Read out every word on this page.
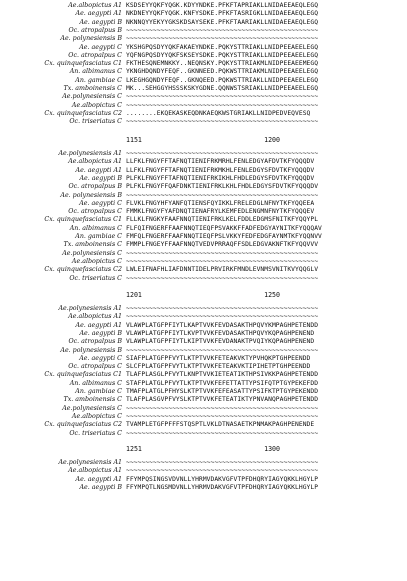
Ae.albopictus A1 KSDSEYYQKFYQGK.KDYYNDKE.PFKFTAPRIAKLLNIDAEEAEQLEGQ
Ae. aegypti A1 NKDNEYYQKFYQGK.KNFYSDKE.PFKFTASRIGKLLNIDAEEAEQLEGQ
Ae. aegypti B NKNNQYYEKYYGKSKDSAYSEKE.PFKFTAARIAKLLNIDAEEAEQLEGQ
Oc. atropalpus B ~~~~~~~~~~~~~~~~~~~~~~~~~~~~~~~~~~~~~~~~~~~~~~~~~~
Ae. polynesiensis B ~~~~~~~~~~~~~~~~~~~~~~~~~~~~~~~~~~~~~~~~~~~~~~~~~~
Ae. aegypti C YKSHGPQSDYYQKFAKAEYNDKE.PQKYSTTRIAKLLNIDPEEAEELEGQ
Oc. atropalpus C YQFNGPQSDYYQKFSKSEYSDKE.PQKYSTTRIAKLLNIDPEEAEELEGQ
Cx. quinquefasciatus C1 FKTHESQNEMNKKY..NEQNSKY.PQKYSTTRIAKMLNIDPEEAEEMEGQ
An. albimanus C YKNGHDQNDYFEQF..GKNNEED.PQKWSTTRIAKMLNIDPEEAEELEGQ
An. gambiae C LKEGHGQNDYFEQF..GKNQEED.PQKWSTTRIAKLLNIDPEEAEELEGQ
Tx. amboinensis C MK...SEHGGYHSSSKSKYGDNE.QQNWSTSRIAKLLNIDPEEAEELEGQ
Ae.polynesiensis C ~~~~~~~~~~~~~~~~~~~~~~~~~~~~~~~~~~~~~~~~~~~~~~~~~~
Ae.albopictus C ~~~~~~~~~~~~~~~~~~~~~~~~~~~~~~~~~~~~~~~~~~~~~~~~~~
Cx. quinquefasciatus C2 ........EKQEKASKEQDNKAEQKWSTGRIAKLLNIDPEDVEQVESQ
Oc. triseriatus C ~~~~~~~~~~~~~~~~~~~~~~~~~~~~~~~~~~~~~~~~~~~~~~~~~~
1151	1200
Ae.polynesiensis A1 ~~~~~~~~~~~~~~~~~~~~~~~~~~~~~~~~~~~~~~~~~~~~~~~~~~
Ae.albopictus A1 LLFKLFNGYFFTAFNQTIENIFRKMRHLFENLEDGYAFDVTKFYQQQDV
Ae. aegypti A1 LLFKLFNGYFFTAFNQTIENIFRKMKHLFENLEDGYSFDVTKFYQQQDV
Ae. aegypti B PLFKLFNGYFFTAFNQTIENIFRKIKHLFHDLEDGYSFDVTKFYQQQDV
Oc. atropalpus B PLFKLFNGYFFQAFDNKTIENIFRKLKHLFHDLEDGYSFDVTKFYQQQDV
Ae. polynesiensis B ~~~~~~~~~~~~~~~~~~~~~~~~~~~~~~~~~~~~~~~~~~~~~~~~~~
Ae. aegypti C FLVKLFNGYHFYANFQTIENSFQYIKKLFRELEDGLNFNYTKFYQQEEA
Oc. atropalpus C FMMKLFNGYFYAFDNQTIENAFRYLKEMFEDLENGMNFNYTKFYQQQEV
Cx. quinquefasciatus C1 FLLKLFNGKYFAAFNNQTIENIFRKLKELFDDLEDGMSFNITKFYQQYPL
An. albimanus C FLFQIFNGERFFAAFNNQTIEQFPSVAKKFFADFEDGYAYNITKFYQQQAV
An. gambiae C FMFQLFNGERFFAAFNNQTIEQFPSLVKKYFEDFEDGFAYNMTKFYQQNVV
Tx. amboinensis C FMMPLFNGEYFFAAFNNQTVEDVPRRAQFFSDLEDGVAKNFTKFYQQVVV
Ae.polynesiensis C ~~~~~~~~~~~~~~~~~~~~~~~~~~~~~~~~~~~~~~~~~~~~~~~~~~
Ae.albopictus C ~~~~~~~~~~~~~~~~~~~~~~~~~~~~~~~~~~~~~~~~~~~~~~~~~~
Cx. quinquefasciatus C2 LWLEIFNAFHLIAFDNNTIDELPRVIRKFMNDLEVNMSVNITKVYQQGLV
Oc. triseriatus C ~~~~~~~~~~~~~~~~~~~~~~~~~~~~~~~~~~~~~~~~~~~~~~~~~~
1201	1250
Ae.polynesiensis A1 ~~~~~~~~~~~~~~~~~~~~~~~~~~~~~~~~~~~~~~~~~~~~~~~~~~
Ae.albopictus A1 ~~~~~~~~~~~~~~~~~~~~~~~~~~~~~~~~~~~~~~~~~~~~~~~~~~
Ae. aegypti A1 VLAWPLATGFPFIYTLKAPTVVKFEVDASAKTHPQVYKMPAGHPETENDD
Ae. aegypti B VLAWPLATGFPFIYTLKVPTVVKFEVDASAKTHPQVYKQPAGHPENEND
Oc. atropalpus B VLAWPLATGFPFIYTLKIPTVVKFEVDANAKTPVQIYKQPAGHPENEND
Ae. polynesiensis B ~~~~~~~~~~~~~~~~~~~~~~~~~~~~~~~~~~~~~~~~~~~~~~~~~~
Ae. aegypti C SIAFPLATGFPFVYTLKTPTVVKFETEAKVKTYPVHQKPTGHPEENDD
Oc. atropalpus C SLCFPLATGFPFVYTLKTPTVVKFETEAKVKTIPIHETPTGHPEENDD
Cx. quinquefasciatus C1 TLAFPLASGLPFVYTLKNPTVVKIETEATIKTHPSIVKKPAGHPETENDD
An. albimanus C STAFPLATGLPFVYTLKTPTVVKFEFETTATTYPSIFQTPTGYPEKEFDD
An. gambiae C TMAFPLATGLPFHYSLKTPTVVKFEFEASATTYPSIFKTPTGYPEKENDD
Tx. amboinensis C TLAFPLASGVPFVYSLKTPTVVKFETEATIKTYPNVANQPAGHPETENDD
Ae.polynesiensis C ~~~~~~~~~~~~~~~~~~~~~~~~~~~~~~~~~~~~~~~~~~~~~~~~~~
Ae.albopictus C ~~~~~~~~~~~~~~~~~~~~~~~~~~~~~~~~~~~~~~~~~~~~~~~~~~
Cx. quinquefasciatus C2 TVAMPLETGFPFFFSTQSPTLVKLDTNASAETKPNMAKPAGHPENENDE
Oc. triseriatus C ~~~~~~~~~~~~~~~~~~~~~~~~~~~~~~~~~~~~~~~~~~~~~~~~~~
1251	1300
Ae.polynesiensis A1 ~~~~~~~~~~~~~~~~~~~~~~~~~~~~~~~~~~~~~~~~~~~~~~~~~~
Ae.albopictus A1 ~~~~~~~~~~~~~~~~~~~~~~~~~~~~~~~~~~~~~~~~~~~~~~~~~~
Ae. aegypti A1 FFYMPQSINGSVDVNLLYHRMVDAKVGFVTPFDHQRYIAGYQKKLHGYLP
Ae. aegypti B FFYMPQTLNGSMDVNLLYHRMVDAKVGFVTPFDHQRYIAGYQKKLHGYLP
